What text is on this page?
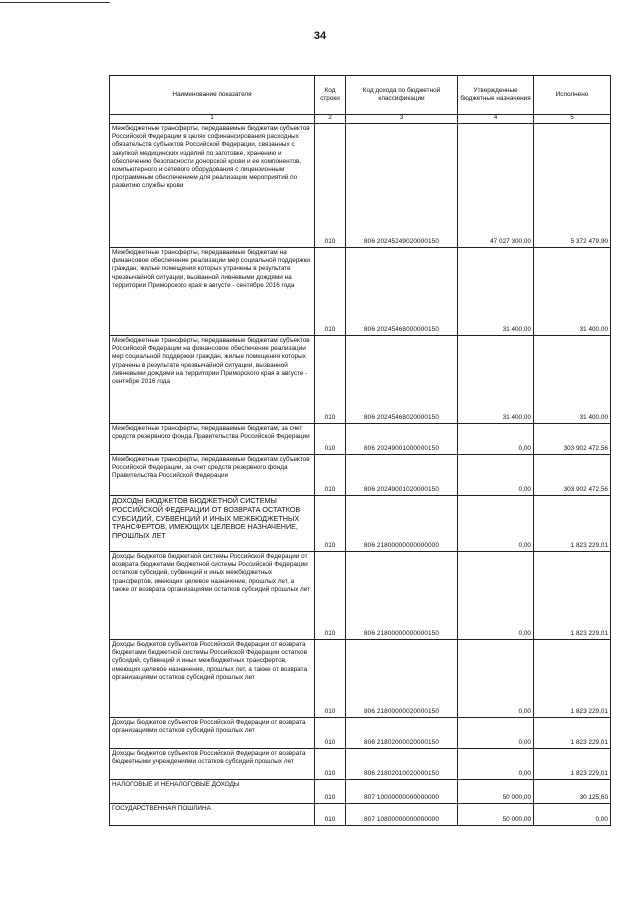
34
Наименование показателя	Код строки	Код дохода по бюджетной классификации	Утвержденные бюджетные назначения	Исполнено
1	2	3	4	5
Межбюджетные трансферты, передаваемые бюджетам субъектов Российской Федерации в целях софинансирования расходных обязательств субъектов Российской Федерации, связанных с закупкой медицинских изделий по заготовке, хранению и обеспечению безопасности донорской крови и ее компонентов, компьютерного и сетевого оборудования с лицензионным программным обеспечением для реализации мероприятий по развитию службы крови	010	806 20245249020000150	47 027 300,00	5 372 479,90
Межбюджетные трансферты, передаваемые бюджетам на финансовое обеспечение реализации мер социальной поддержки граждан, жилые помещения которых утрачены в результате чрезвычайной ситуации, вызванной ливневыми дождями на территории Приморского края в августе - сентябре 2016 года	010	806 20245468000000150	31 400,00	31 400,00
Межбюджетные трансферты, передаваемые бюджетам субъектов Российской Федерации на финансовое обеспечение реализации мер социальной поддержки граждан, жилые помещения которых утрачены в результате чрезвычайной ситуации, вызванной ливневыми дождями на территории Приморского края в августе - сентябре 2016 года	010	806 20245468020000150	31 400,00	31 400,00
Межбюджетные трансферты, передаваемые бюджетам, за счет средств резервного фонда Правительства Российской Федерации	010	806 20249001000000150	0,00	303 902 472,56
Межбюджетные трансферты, передаваемые бюджетам субъектов Российской Федерации, за счет средств резервного фонда Правительства Российской Федерации	010	806 20249001020000150	0,00	303 902 472,56
ДОХОДЫ БЮДЖЕТОВ БЮДЖЕТНОЙ СИСТЕМЫ РОССИЙСКОЙ ФЕДЕРАЦИИ ОТ ВОЗВРАТА ОСТАТКОВ СУБСИДИЙ, СУБВЕНЦИЙ И ИНЫХ МЕЖБЮДЖЕТНЫХ ТРАНСФЕРТОВ, ИМЕЮЩИХ ЦЕЛЕВОЕ НАЗНАЧЕНИЕ, ПРОШЛЫХ ЛЕТ	010	806 21800000000000000	0,00	1 823 229,01
Доходы бюджетов бюджетной системы Российской Федерации от возврата бюджетами бюджетной системы Российской Федерации остатков субсидий, субвенций и иных межбюджетных трансфертов, имеющих целевое назначение, прошлых лет, а также от возврата организациями остатков субсидий прошлых лет	010	806 21800000000000150	0,00	1 823 229,01
Доходы бюджетов субъектов Российской Федерации от возврата бюджетами бюджетной системы Российской Федерации остатков субсидий, субвенций и иных межбюджетных трансфертов, имеющих целевое назначение, прошлых лет, а также от возврата организациями остатков субсидий прошлых лет	010	806 21800000020000150	0,00	1 823 229,01
Доходы бюджетов субъектов Российской Федерации от возврата организациями остатков субсидий прошлых лет	010	806 21802000020000150	0,00	1 823 229,01
Доходы бюджетов субъектов Российской Федерации от возврата бюджетными учреждениями остатков субсидий прошлых лет	010	806 21802010020000150	0,00	1 823 229,01
НАЛОГОВЫЕ И НЕНАЛОГОВЫЕ ДОХОДЫ	010	807 10000000000000000	50 000,00	30 125,60
ГОСУДАРСТВЕННАЯ ПОШЛИНА	010	807 10800000000000000	50 000,00	0,00
